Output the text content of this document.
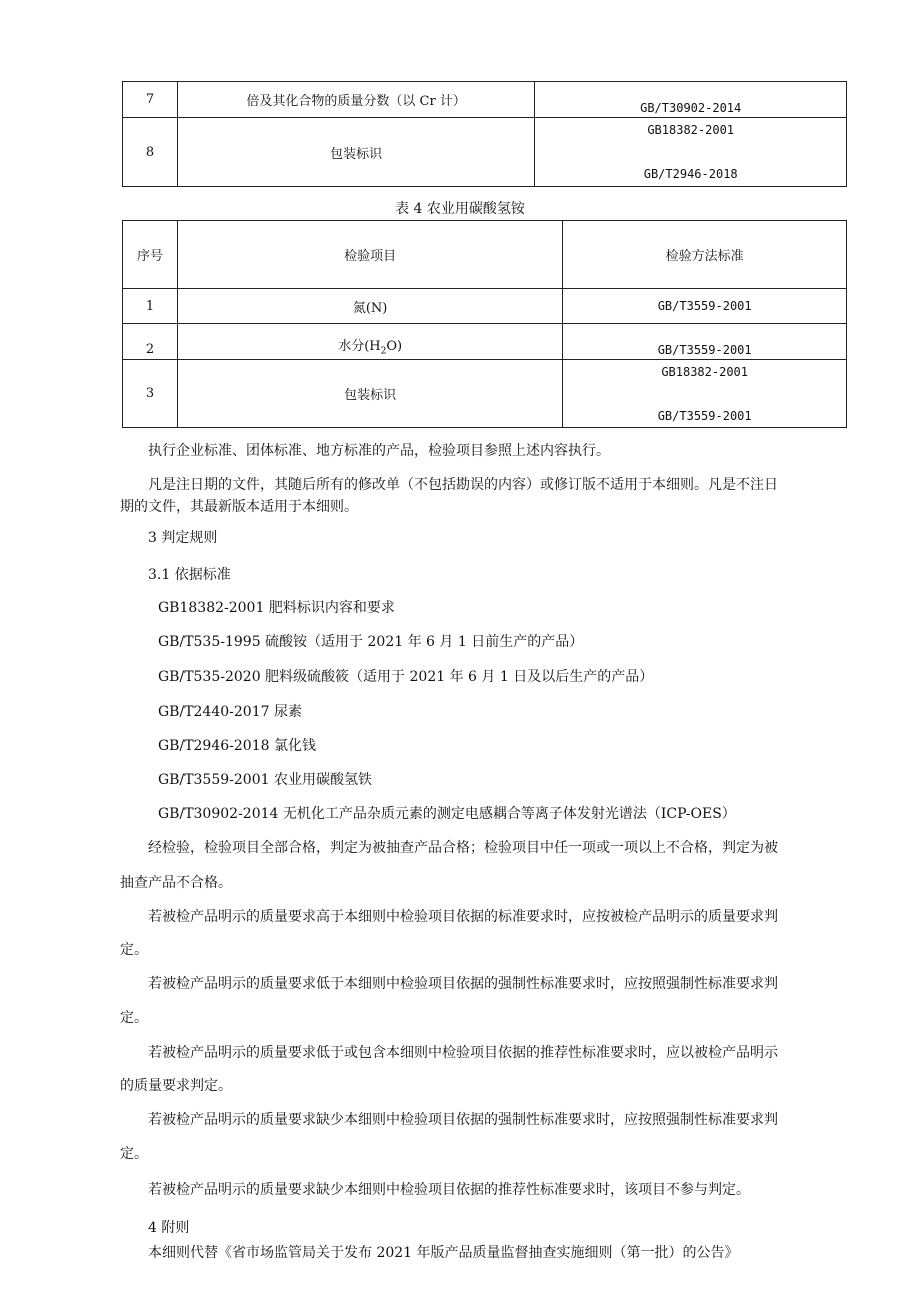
7	倍及其化合物的质量分数（以 Cr 计）	GB/T30902-2014
8	包装标识	GB18382-2001
GB/T2946-2018
表 4 农业用碳酸氢铵
序号	检验项目	检验方法标准
1	氮(N)	GB/T3559-2001
2	水分$(H_2O)$	GB/T3559-2001
3	包装标识	GB18382-2001
GB/T3559-2001
执行企业标准、团体标准、地方标准的产品，检验项目参照上述内容执行。
凡是注日期的文件，其随后所有的修改单（不包括勘误的内容）或修订版不适用于本细则。凡是不注日
期的文件，其最新版本适用于本细则。
3 判定规则
3.1 依据标准
GB18382-2001 肥料标识内容和要求
GB/T535-1995 硫酸铵（适用于 2021 年 6 月 1 日前生产的产品）
GB/T535-2020 肥料级硫酸筱（适用于 2021 年 6 月 1 日及以后生产的产品）
GB/T2440-2017 尿素
GB/T2946-2018 氯化钱
GB/T3559-2001 农业用碳酸氢铁
GB/T30902-2014 无机化工产品杂质元素的测定电感耦合等离子体发射光谱法（ICP-OES）
经检验，检验项目全部合格，判定为被抽查产品合格；检验项目中任一项或一项以上不合格，判定为被
抽查产品不合格。
若被检产品明示的质量要求高于本细则中检验项目依据的标准要求时，应按被检产品明示的质量要求判
定。
若被检产品明示的质量要求低于本细则中检验项目依据的强制性标准要求时，应按照强制性标准要求判
定。
若被检产品明示的质量要求低于或包含本细则中检验项目依据的推荐性标准要求时，应以被检产品明示
的质量要求判定。
若被检产品明示的质量要求缺少本细则中检验项目依据的强制性标准要求时，应按照强制性标准要求判
定。
若被检产品明示的质量要求缺少本细则中检验项目依据的推荐性标准要求时，该项目不参与判定。
4 附则
本细则代替《省市场监管局关于发布 2021 年版产品质量监督抽查实施细则（第一批）的公告》
